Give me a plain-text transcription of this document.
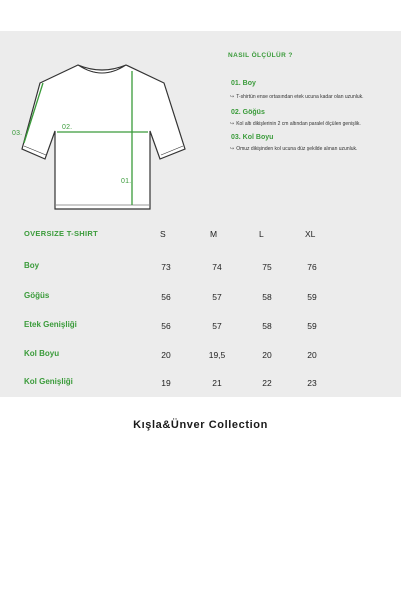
03.
02.
01.
NASIL ÖLÇÜLÜR ?
01. Boy
↪ T-shirtün ense ortasından etek ucuna kadar olan uzunluk.
02. Göğüs
↪ Kol altı dikişlerinin 2 cm altından paralel ölçülen genişlik.
03. Kol Boyu
↪ Omuz dikişinden kol ucuna düz şekilde alınan uzunluk.
OVERSIZE T-SHIRT	S	M	L	XL
Boy	73	74	75	76
Göğüs	56	57	58	59
Etek Genişliği	56	57	58	59
Kol Boyu	20	19,5	20	20
Kol Genişliği	19	21	22	23
Kışla&Ünver Collection
